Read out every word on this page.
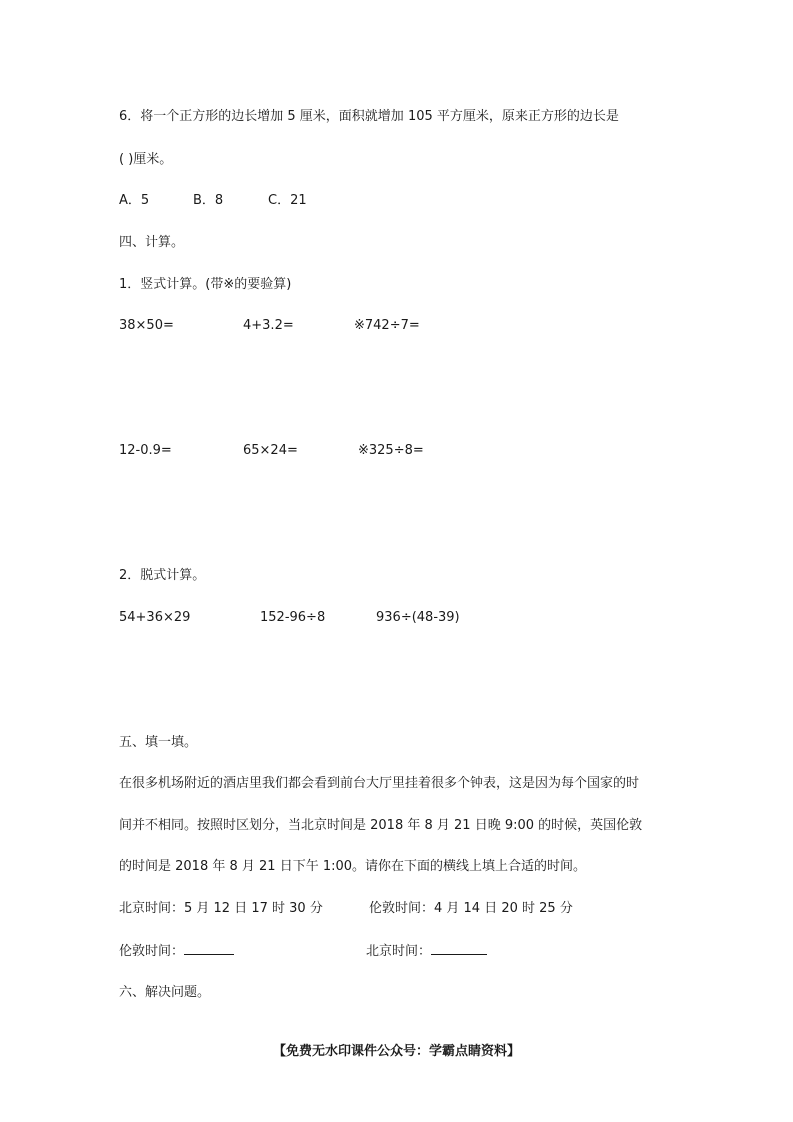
6．将一个正方形的边长增加 5 厘米，面积就增加 105 平方厘米，原来正方形的边长是
( )厘米。
A．5	B．8	C．21
四、计算。
1．竖式计算。(带※的要验算)
38×50=	4+3.2=	※742÷7=
12-0.9=	65×24=	※325÷8=
2．脱式计算。
54+36×29	152-96÷8	936÷(48-39)
五、填一填。
在很多机场附近的酒店里我们都会看到前台大厅里挂着很多个钟表，这是因为每个国家的时
间并不相同。按照时区划分，当北京时间是 2018 年 8 月 21 日晚 9:00 的时候，英国伦敦
的时间是 2018 年 8 月 21 日下午 1:00。请你在下面的横线上填上合适的时间。
北京时间：5 月 12 日 17 时 30 分	伦敦时间：4 月 14 日 20 时 25 分
伦敦时间：	北京时间：
六、解决问题。
【免费无水印课件公众号：学霸点睛资料】
